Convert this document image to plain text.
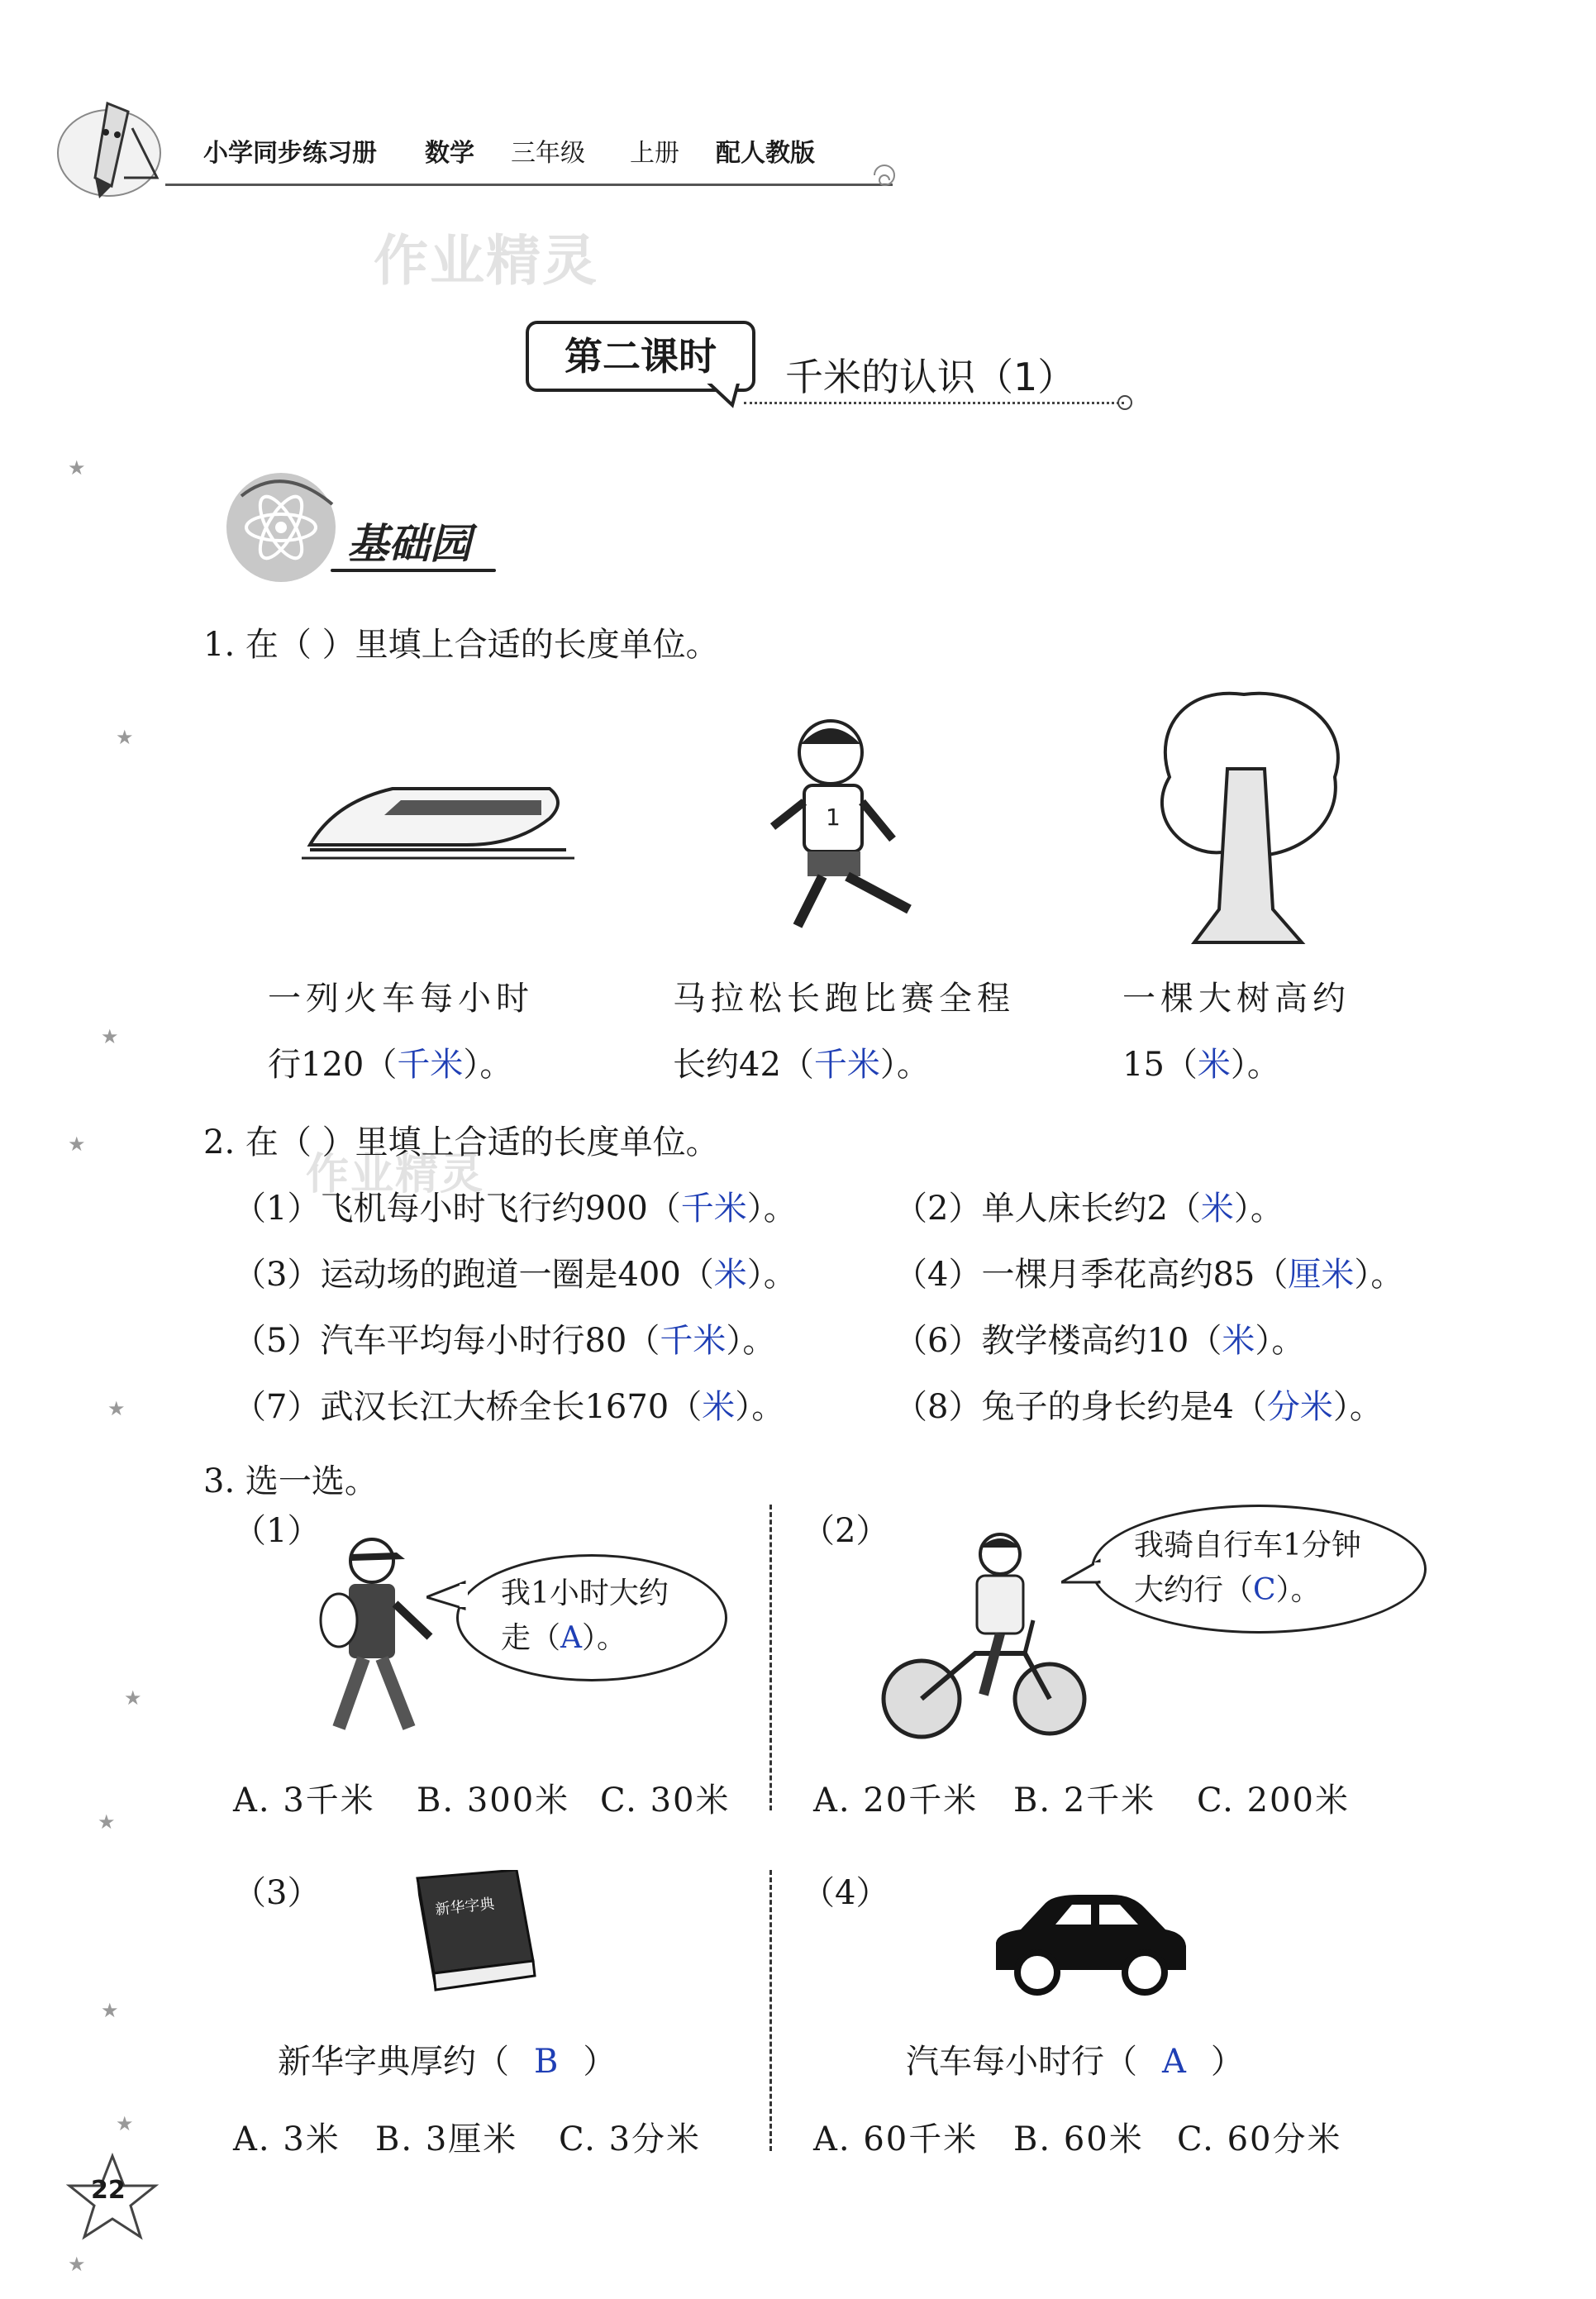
★
★
★
★
★
★
★
★
★
★
小学同步练习册 数学 三年级 上册 配人教版
作业精灵
作业精灵
第二课时	千米的认识（1）
基础园
1. 在（ ）里填上合适的长度单位。
1
一列火车每小时
行120（千米）。
马拉松长跑比赛全程
长约42（千米）。
一棵大树高约
15（米）。
2. 在（ ）里填上合适的长度单位。
（1）飞机每小时飞行约900（千米）。	（2）单人床长约2（米）。
（3）运动场的跑道一圈是400（米）。	（4）一棵月季花高约85（厘米）。
（5）汽车平均每小时行80（千米）。	（6）教学楼高约10（米）。
（7）武汉长江大桥全长1670（米）。	（8）兔子的身长约是4（分米）。
3. 选一选。
（1）
我1小时大约
走（A）。
A. 3千米 B. 300米 C. 30米
（2）	我骑自行车1分钟
大约行（C）。
A. 20千米 B. 2千米 C. 200米
（3）	新华字典
新华字典厚约（ B ）
A. 3米 B. 3厘米 C. 3分米
（4）
汽车每小时行（ A ）
A. 60千米 B. 60米 C. 60分米
22
